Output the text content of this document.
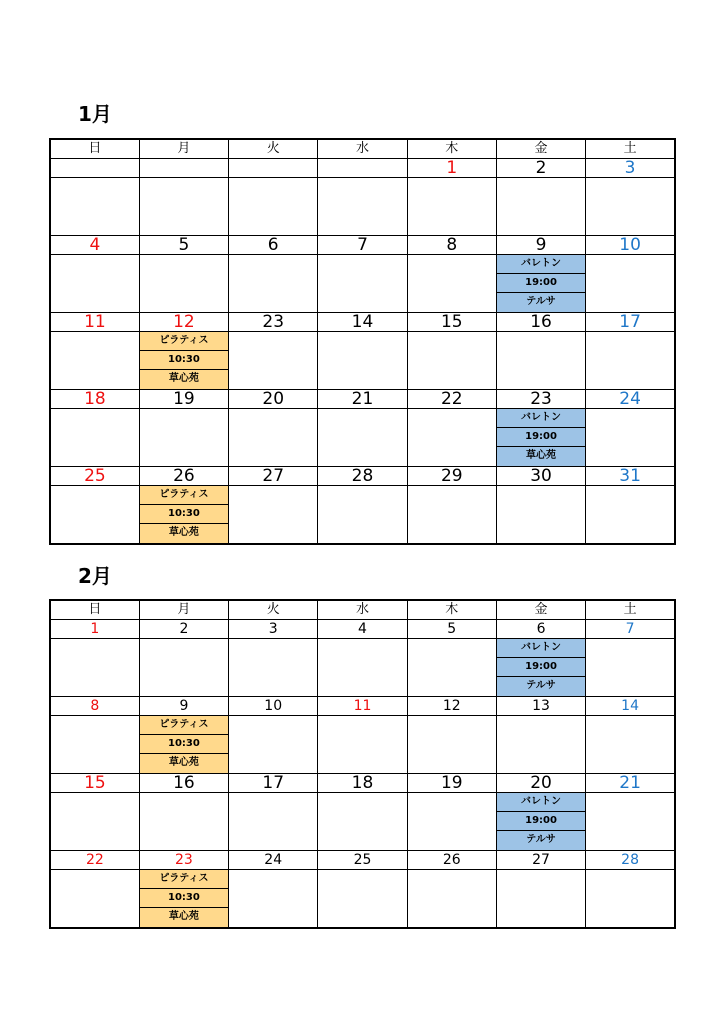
1月
日	月	火	水	木	金	土
				1	2	3

4	5	6	7	8	9	10

					バレトン
19:00
テルサ	

11	12	23	14	15	16	17

	ピラティス
10:30
草心苑					

18	19	20	21	22	23	24

					バレトン
19:00
草心苑	

25	26	27	28	29	30	31

	ピラティス
10:30
草心苑					

2月
日	月	火	水	木	金	土
1	2	3	4	5	6	7

					バレトン
19:00
テルサ	

8	9	10	11	12	13	14

	ピラティス
10:30
草心苑					

15	16	17	18	19	20	21

					バレトン
19:00
テルサ	

22	23	24	25	26	27	28

	ピラティス
10:30
草心苑					
